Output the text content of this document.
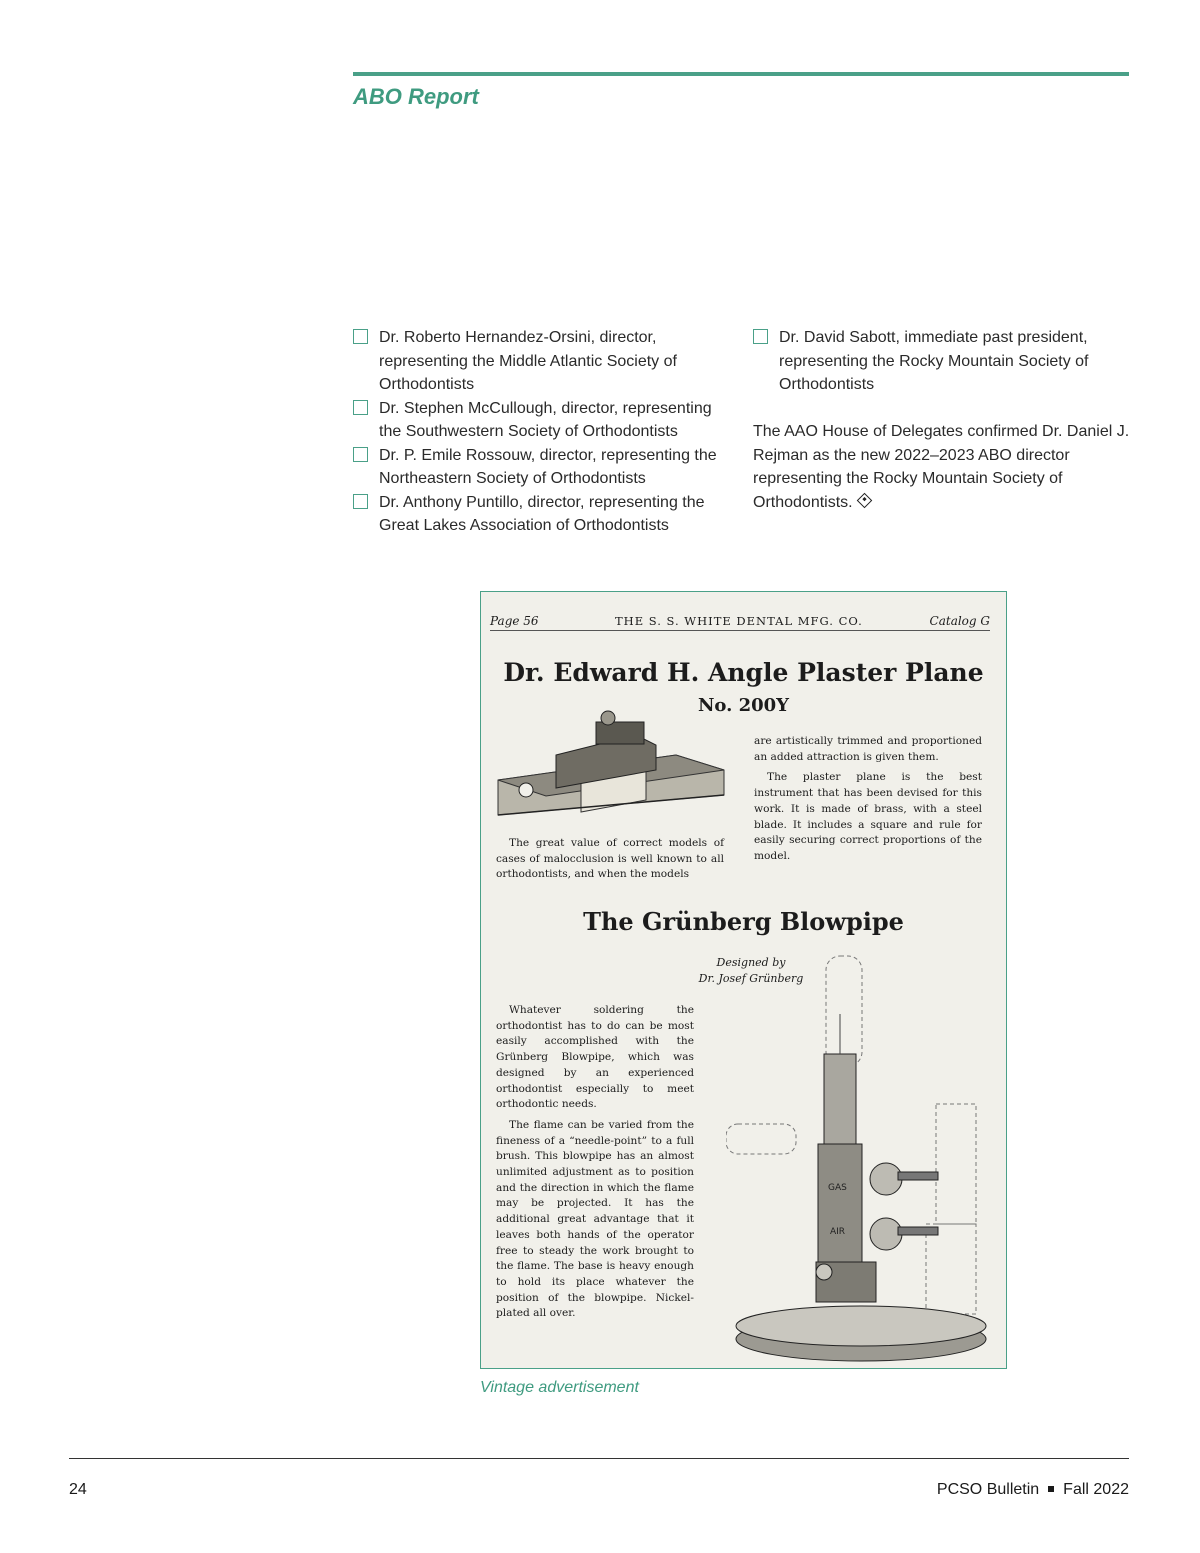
ABO Report
Dr. Roberto Hernandez-Orsini, director, representing the Middle Atlantic Society of Orthodontists
Dr. Stephen McCullough, director, representing the Southwestern Society of Orthodontists
Dr. P. Emile Rossouw, director, representing the Northeastern Society of Orthodontists
Dr. Anthony Puntillo, director, representing the Great Lakes Association of Orthodontists
Dr. David Sabott, immediate past president, representing the Rocky Mountain Society of Orthodontists

The AAO House of Delegates confirmed Dr. Daniel J. Rejman as the new 2022–2023 ABO director representing the Rocky Mountain Society of Orthodontists.

Page 56	THE S. S. WHITE DENTAL MFG. CO.	Catalog G
Dr. Edward H. Angle Plaster Plane
No. 200Y
The great value of correct models of cases of malocclusion is well known to all orthodontists, and when the models

are artistically trimmed and proportioned an added attraction is given them.

The plaster plane is the best instrument that has been devised for this work. It is made of brass, with a steel blade. It includes a square and rule for easily securing correct proportions of the model.

The Grünberg Blowpipe
Designed by
Dr. Josef Grünberg

Whatever soldering the orthodontist has to do can be most easily accomplished with the Grünberg Blowpipe, which was designed by an experienced orthodontist especially to meet orthodontic needs.

The flame can be varied from the fineness of a “needle-point” to a full brush. This blowpipe has an almost unlimited adjustment as to position and the direction in which the flame may be projected. It has the additional great advantage that it leaves both hands of the operator free to steady the work brought to the flame. The base is heavy enough to hold its place whatever the position of the blowpipe. Nickel-plated all over.

GAS
AIR
Vintage advertisement
24	PCSO Bulletin Fall 2022
